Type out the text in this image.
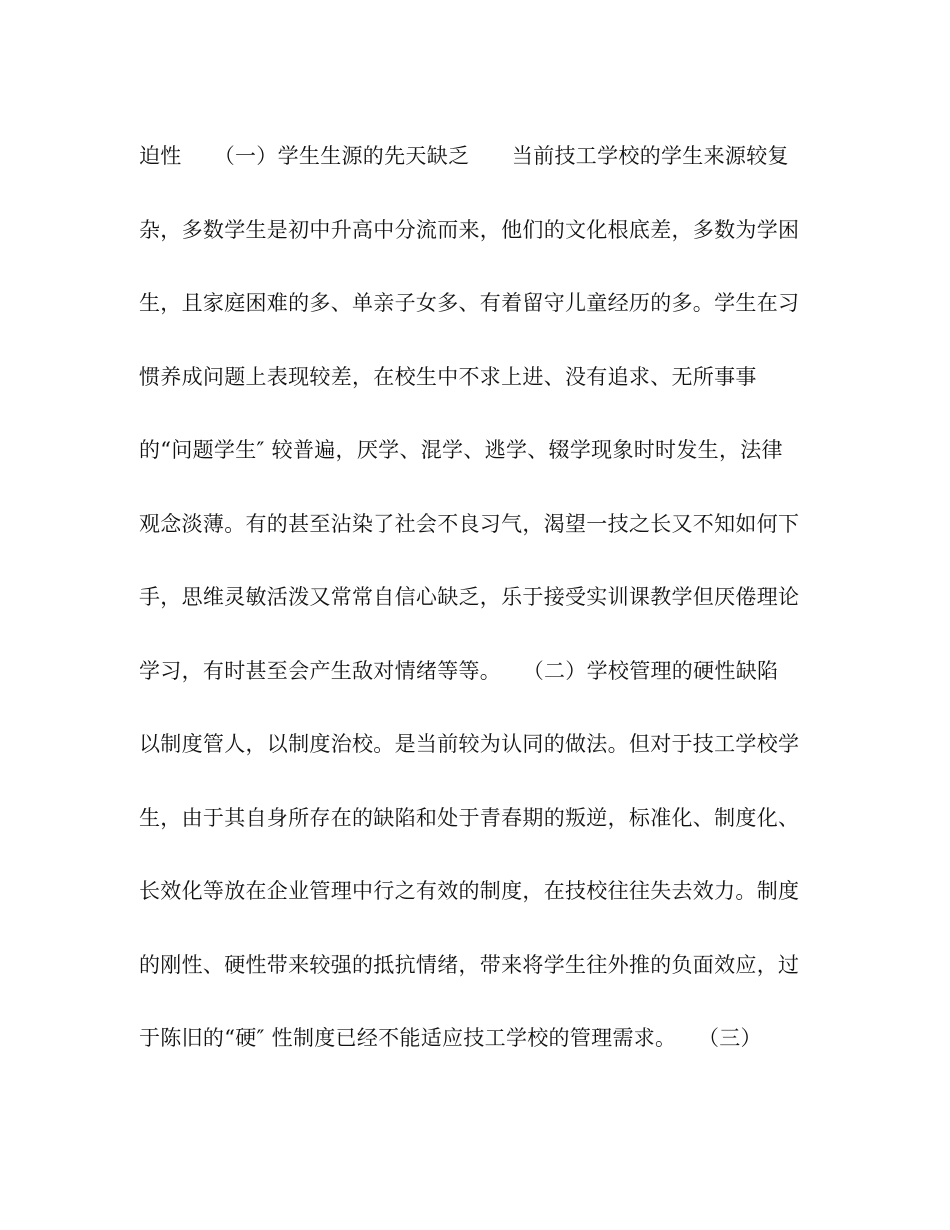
迫性　　（一）学生生源的先天缺乏　　当前技工学校的学生来源较复
杂，多数学生是初中升高中分流而来，他们的文化根底差，多数为学困
生，且家庭困难的多、单亲子女多、有着留守儿童经历的多。学生在习
惯养成问题上表现较差，在校生中不求上进、没有追求、无所事事
的“问题学生″ 较普遍，厌学、混学、逃学、辍学现象时时发生，法律
观念淡薄。有的甚至沾染了社会不良习气，渴望一技之长又不知如何下
手，思维灵敏活泼又常常自信心缺乏，乐于接受实训课教学但厌倦理论
学习，有时甚至会产生敌对情绪等等。　　（二）学校管理的硬性缺陷
以制度管人，以制度治校。是当前较为认同的做法。但对于技工学校学
生，由于其自身所存在的缺陷和处于青春期的叛逆，标准化、制度化、
长效化等放在企业管理中行之有效的制度，在技校往往失去效力。制度
的刚性、硬性带来较强的抵抗情绪，带来将学生往外推的负面效应，过
于陈旧的“硬″ 性制度已经不能适应技工学校的管理需求。　　（三）
